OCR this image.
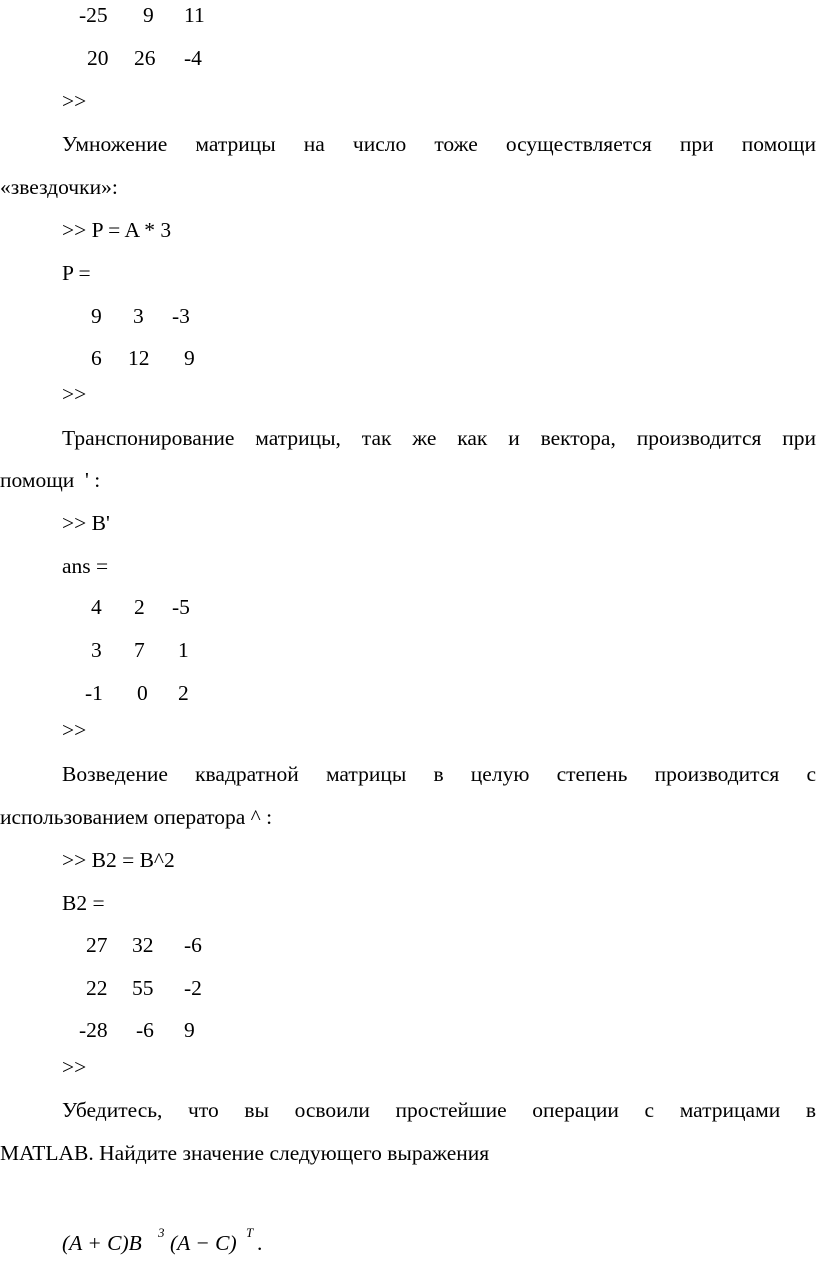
-25 9 11
20 26 -4
>>
Умножение матрицы на число тоже осуществляется при помощи
«звездочки»:
>> P = A * 3
P =
9 3 -3
6 12 9
>>
Транспонирование матрицы, так же как и вектора, производится при
помощи  ' :
>> B'
ans =
4 2 -5
3 7 1
-1 0 2
>>
Возведение квадратной матрицы в целую степень производится с
использованием оператора ^ :
>> B2 = B^2
B2 =
27 32 -6
22 55 -2
-28 -6 9
>>
Убедитесь, что вы освоили простейшие операции с матрицами в
MATLAB. Найдите значение следующего выражения
(A + C)B 3 (A − C) T .
